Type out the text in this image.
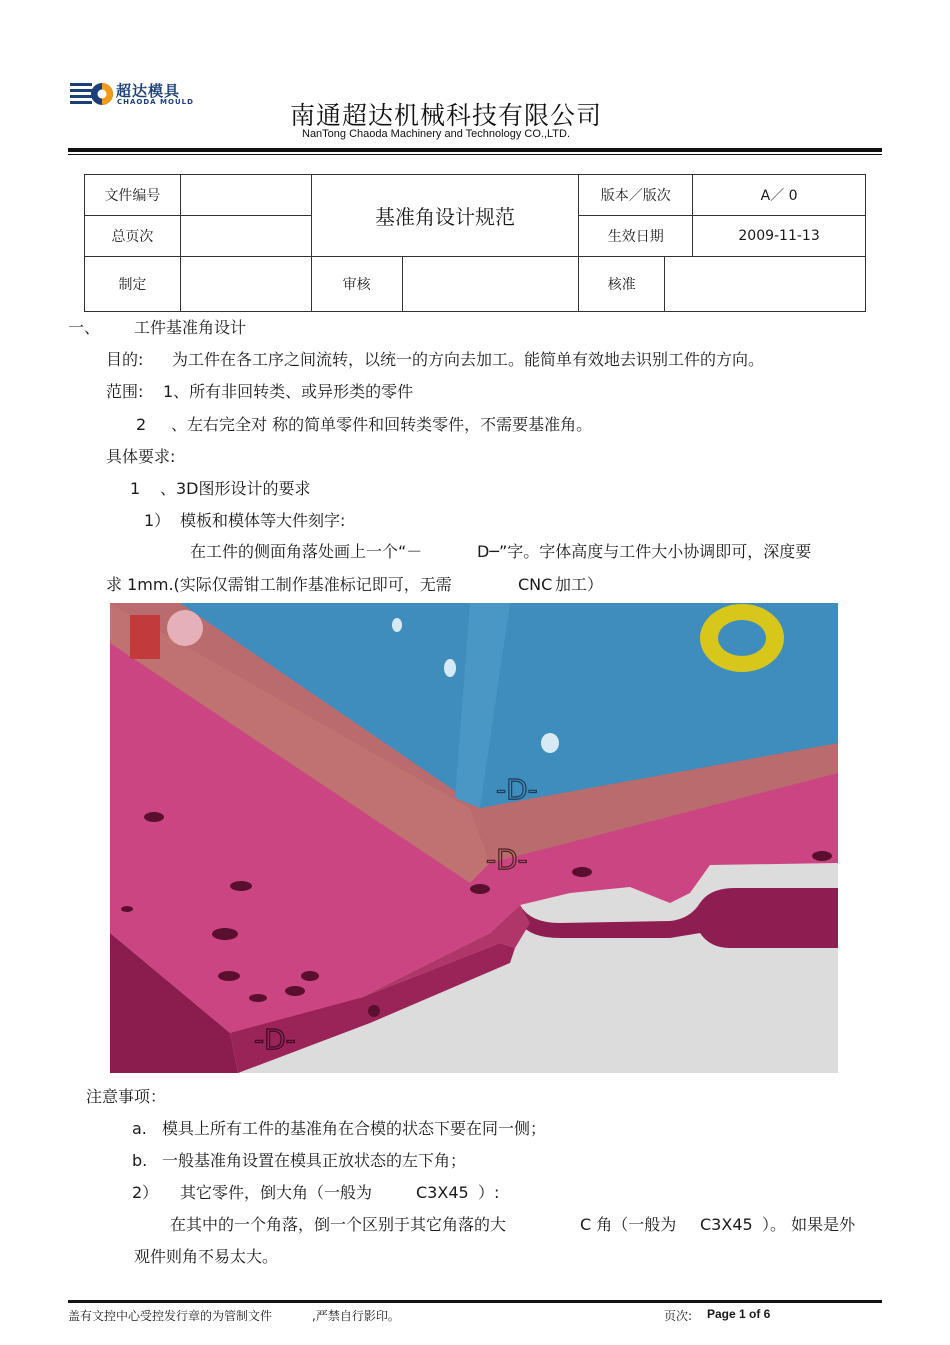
超达模具
CHAODA MOULD	南通超达机械科技有限公司
NanTong Chaoda Machinery and Technology CO.,LTD.
文件编号		基准角设计规范		版本／版次		A／ 0
总页次				生效日期		2009-11-13
制定		审核		核准		
一、 工件基准角设计
目的: 为工件在各工序之间流转，以统一的方向去加工。能简单有效地去识别工件的方向。
范围: 1、所有非回转类、或异形类的零件
2 、左右完全对 称的简单零件和回转类零件，不需要基准角。
具体要求:
1 、3D图形设计的要求
1） 模板和模体等大件刻字:
在工件的侧面角落处画上一个“－	D─”字。字体高度与工件大小协调即可，深度要
求 1mm.(实际仅需钳工制作基准标记即可，无需	CNC 加工）
-D-
-D-
-D-
注意事项：
a. 模具上所有工件的基准角在合模的状态下要在同一侧；
b. 一般基准角设置在模具正放状态的左下角；
2） 其它零件，倒大角（一般为	C3X45 ）:
在其中的一个角落，倒一个区别于其它角落的大	C 角（一般为 C3X45 ）。 如果是外
观件则角不易太大。
盖有文控中心受控发行章的为管制文件	,严禁自行影印。	页次: Page 1 of 6
